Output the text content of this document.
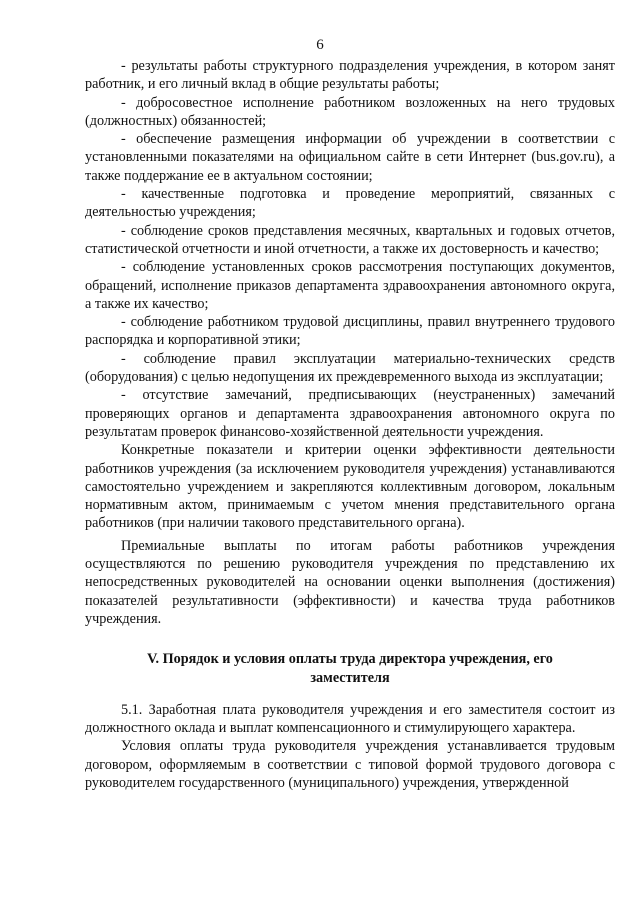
6

- результаты работы структурного подразделения учреждения, в котором занят работник, и его личный вклад в общие результаты работы;

- добросовестное исполнение работником возложенных на него трудовых (должностных) обязанностей;

- обеспечение размещения информации об учреждении в соответствии с установленными показателями на официальном сайте в сети Интернет (bus.gov.ru), а также поддержание ее в актуальном состоянии;

- качественные подготовка и проведение мероприятий, связанных с деятельностью учреждения;

- соблюдение сроков представления месячных, квартальных и годовых отчетов, статистической отчетности и иной отчетности, а также их достоверность и качество;

- соблюдение установленных сроков рассмотрения поступающих документов, обращений, исполнение приказов департамента здравоохранения автономного округа, а также их качество;

- соблюдение работником трудовой дисциплины, правил внутреннего трудового распорядка и корпоративной этики;

- соблюдение правил эксплуатации материально-технических средств (оборудования) с целью недопущения их преждевременного выхода из эксплуатации;

- отсутствие замечаний, предписывающих (неустраненных) замечаний проверяющих органов и департамента здравоохранения автономного округа по результатам проверок финансово-хозяйственной деятельности учреждения.

Конкретные показатели и критерии оценки эффективности деятельности работников учреждения (за исключением руководителя учреждения) устанавливаются самостоятельно учреждением и закрепляются коллективным договором, локальным нормативным актом, принимаемым с учетом мнения представительного органа работников (при наличии такового представительного органа).

Премиальные выплаты по итогам работы работников учреждения осуществляются по решению руководителя учреждения по представлению их непосредственных руководителей на основании оценки выполнения (достижения) показателей результативности (эффективности) и качества труда работников учреждения.

V. Порядок и условия оплаты труда директора учреждения, его заместителя

5.1. Заработная плата руководителя учреждения и его заместителя состоит из должностного оклада и выплат компенсационного и стимулирующего характера.

Условия оплаты труда руководителя учреждения устанавливается трудовым договором, оформляемым в соответствии с типовой формой трудового договора с руководителем государственного (муниципального) учреждения, утвержденной
